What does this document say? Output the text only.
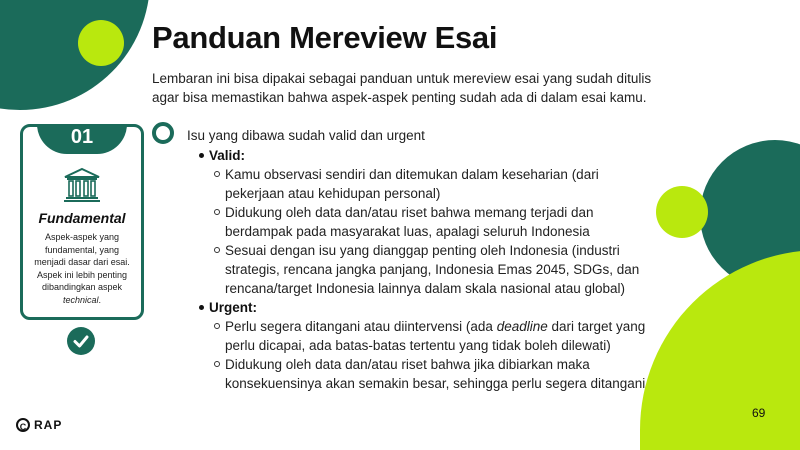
Panduan Mereview Esai
Lembaran ini bisa dipakai sebagai panduan untuk mereview esai yang sudah ditulis agar bisa memastikan bahwa aspek-aspek penting sudah ada di dalam esai kamu.
01
Fundamental
Aspek-aspek yang fundamental, yang menjadi dasar dari esai. Aspek ini lebih penting dibandingkan aspek technical.
Isu yang dibawa sudah valid dan urgent
Valid:
Kamu observasi sendiri dan ditemukan dalam keseharian (dari pekerjaan atau kehidupan personal)
Didukung oleh data dan/atau riset bahwa memang terjadi dan berdampak pada masyarakat luas, apalagi seluruh Indonesia
Sesuai dengan isu yang dianggap penting oleh Indonesia (industri strategis, rencana jangka panjang, Indonesia Emas 2045, SDGs, dan rencana/target Indonesia lainnya dalam skala nasional atau global)
Urgent:
Perlu segera ditangani atau diintervensi (ada deadline dari target yang perlu dicapai, ada batas-batas tertentu yang tidak boleh dilewati)
Didukung oleh data dan/atau riset bahwa jika dibiarkan maka konsekuensinya akan semakin besar, sehingga perlu segera ditangani
69
C RAP
